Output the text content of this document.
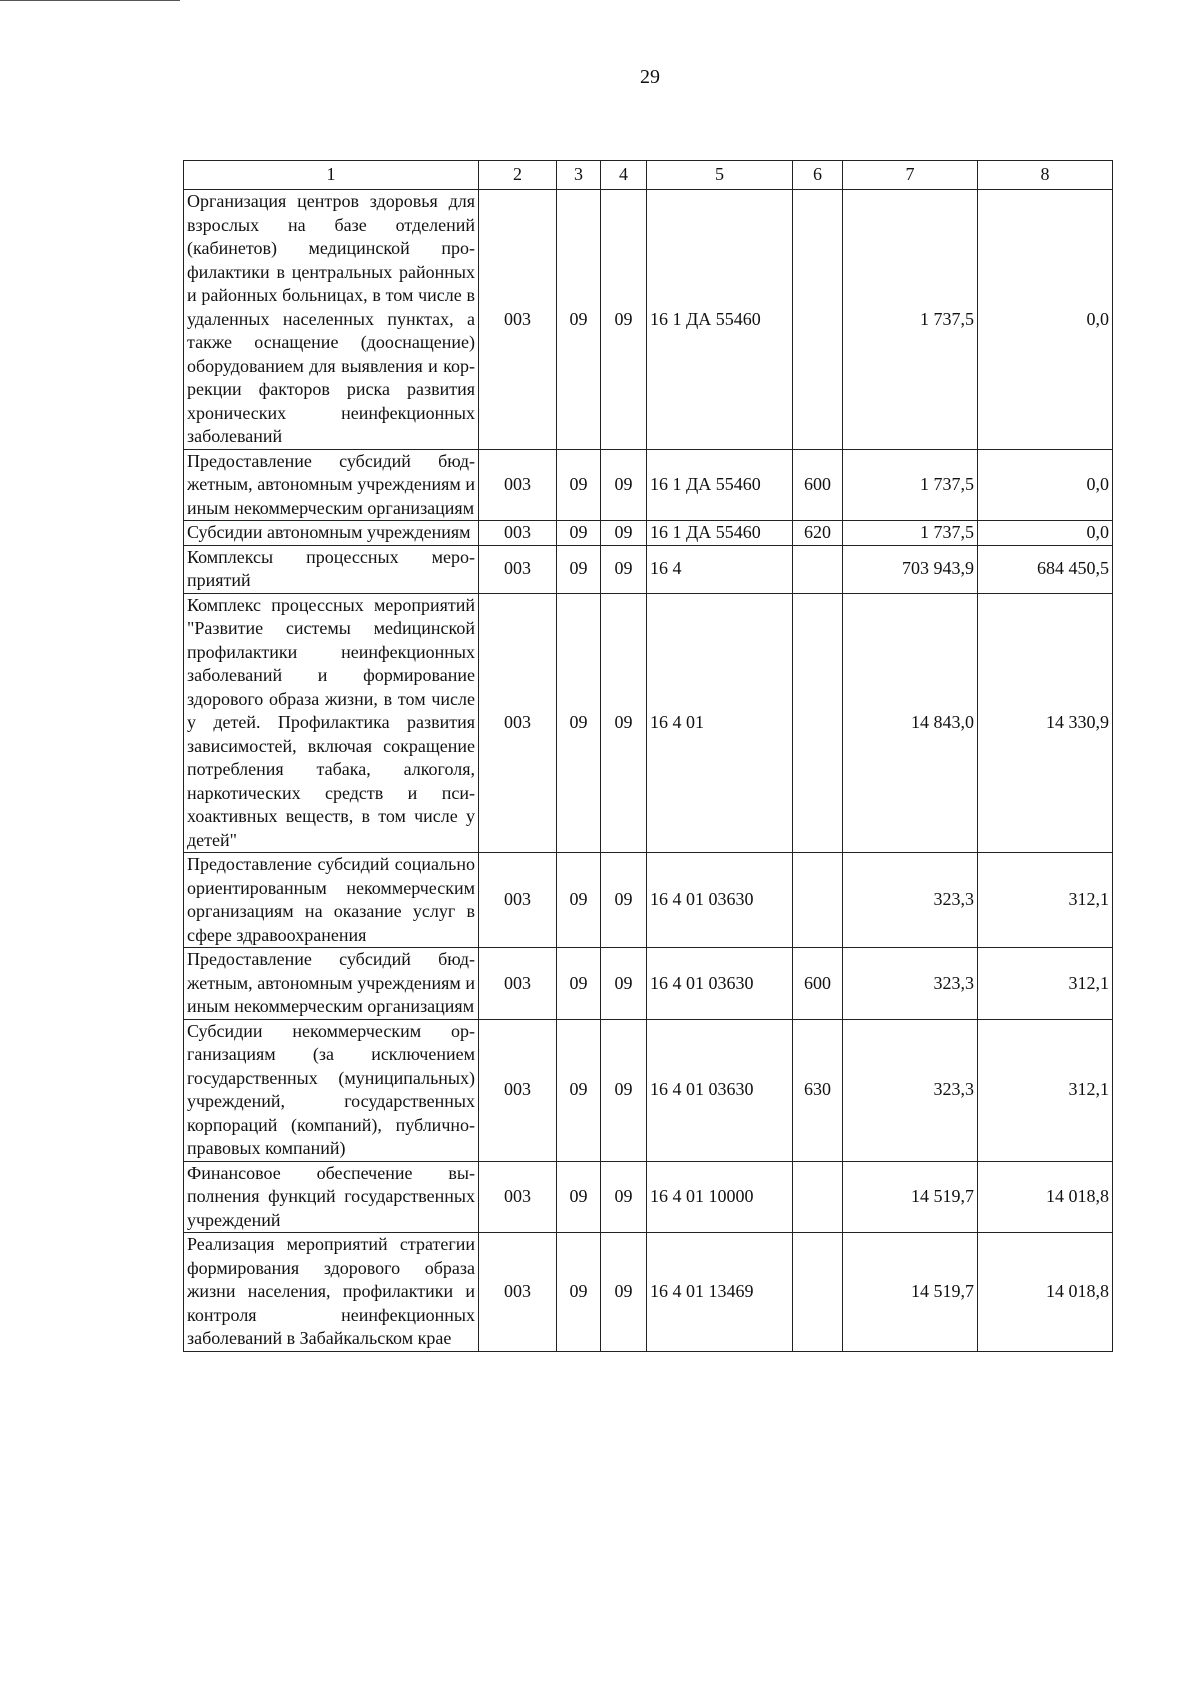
29
1	2	3	4	5	6	7	8
Организация центров здоровья для взрослых на базе отделений (кабинетов) медицинской профилактики в центральных районных и районных больницах, в том числе в удаленных населенных пунктах, а также оснащение (дооснащение) оборудованием для выявления и коррекции факторов риска развития хронических неинфекционных заболеваний	003	09	09	16 1 ДА 55460		1 737,5	0,0
Предоставление субсидий бюджетным, автономным учреждениям и иным некоммерческим организациям	003	09	09	16 1 ДА 55460	600	1 737,5	0,0
Субсидии автономным учреждениям	003	09	09	16 1 ДА 55460	620	1 737,5	0,0
Комплексы процессных мероприятий	003	09	09	16 4		703 943,9	684 450,5
Комплекс процессных мероприятий "Развитие системы меdицинской профилактики неинфекционных заболеваний и формирование здорового образа жизни, в том числе у детей. Профилактика развития зависимостей, включая сокращение потребления табака, алкоголя, наркотических средств и психоактивных веществ, в том числе у детей"	003	09	09	16 4 01		14 843,0	14 330,9
Предоставление субсидий социально ориентированным некоммерческим организациям на оказание услуг в сфере здравоохранения	003	09	09	16 4 01 03630		323,3	312,1
Предоставление субсидий бюджетным, автономным учреждениям и иным некоммерческим организациям	003	09	09	16 4 01 03630	600	323,3	312,1
Субсидии некоммерческим организациям (за исключением государственных (муниципальных) учреждений, государственных корпораций (компаний), публично-правовых компаний)	003	09	09	16 4 01 03630	630	323,3	312,1
Финансовое обеспечение выполнения функций государственных учреждений	003	09	09	16 4 01 10000		14 519,7	14 018,8
Реализация мероприятий стратегии формирования здорового образа жизни населения, профилактики и контроля неинфекционных заболеваний в Забайкальском крае	003	09	09	16 4 01 13469		14 519,7	14 018,8
